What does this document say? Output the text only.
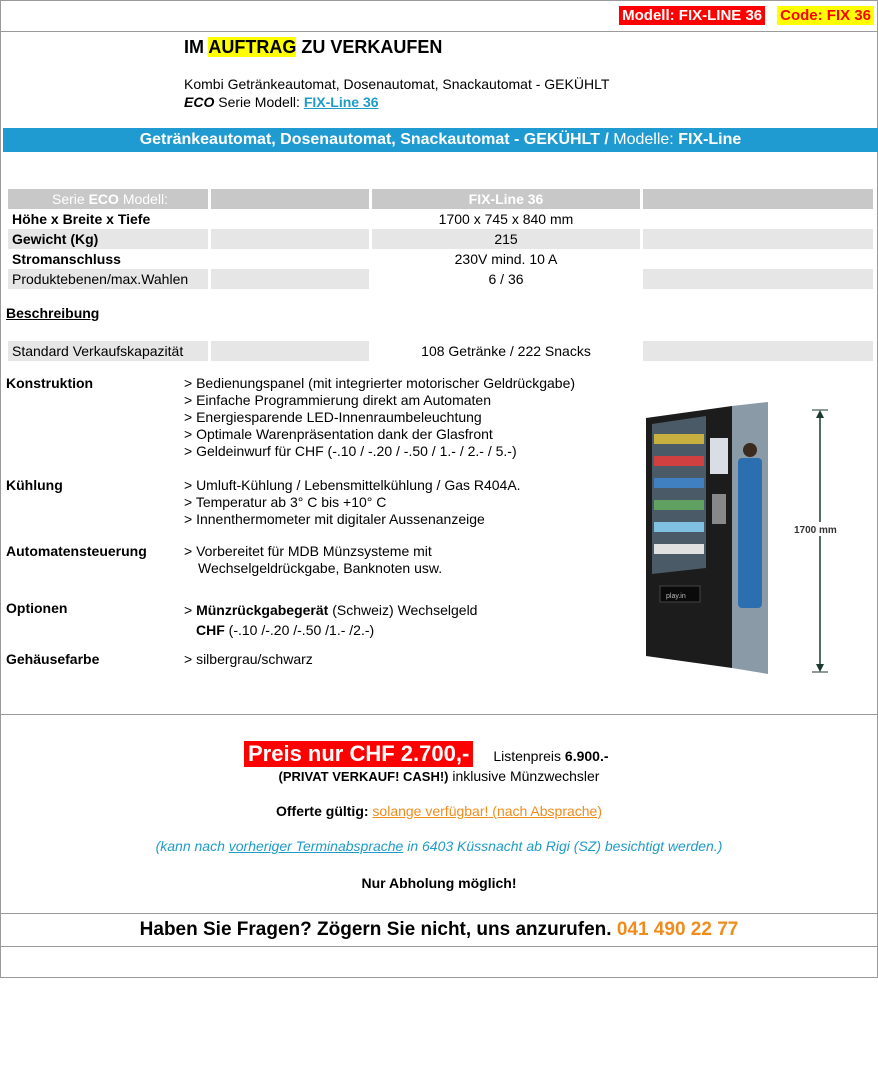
Modell: FIX-LINE 36 Code: FIX 36
IM AUFTRAG ZU VERKAUFEN
Kombi Getränkeautomat, Dosenautomat, Snackautomat - GEKÜHLT
ECO Serie Modell: FIX-Line 36
Getränkeautomat, Dosenautomat, Snackautomat - GEKÜHLT / Modelle: FIX-Line
Serie ECO Modell:	FIX-Line 36
Höhe x Breite x Tiefe	1700 x 745 x 840 mm
Gewicht (Kg)	215
Stromanschluss	230V mind. 10 A
Produktebenen/max.Wahlen	6 / 36
Beschreibung
Standard Verkaufskapazität	108 Getränke / 222 Snacks
Konstruktion	> Bedienungspanel (mit integrierter motorischer Geldrückgabe)
> Einfache Programmierung direkt am Automaten
> Energiesparende LED-Innenraumbeleuchtung
> Optimale Warenpräsentation dank der Glasfront
> Geldeinwurf für CHF (-.10 / -.20 / -.50 / 1.- / 2.- / 5.-)
Kühlung	> Umluft-Kühlung / Lebensmittelkühlung / Gas R404A.
> Temperatur ab 3° C bis +10° C
> Innenthermometer mit digitaler Aussenanzeige
Automatensteuerung	> Vorbereitet für MDB Münzsysteme mit
Wechselgeldrückgabe, Banknoten usw.
Optionen	> Münzrückgabegerät (Schweiz) Wechselgeld
CHF (-.10 /-.20 /-.50 /1.- /2.-)
Gehäusefarbe	> silbergrau/schwarz
play.in
1700 mm
Preis nur CHF 2.700,- Listenpreis 6.900.-
(PRIVAT VERKAUF! CASH!) inklusive Münzwechsler
Offerte gültig: solange verfügbar! (nach Absprache)
(kann nach vorheriger Terminabsprache in 6403 Küssnacht ab Rigi (SZ) besichtigt werden.)
Nur Abholung möglich!
Haben Sie Fragen? Zögern Sie nicht, uns anzurufen. 041 490 22 77
